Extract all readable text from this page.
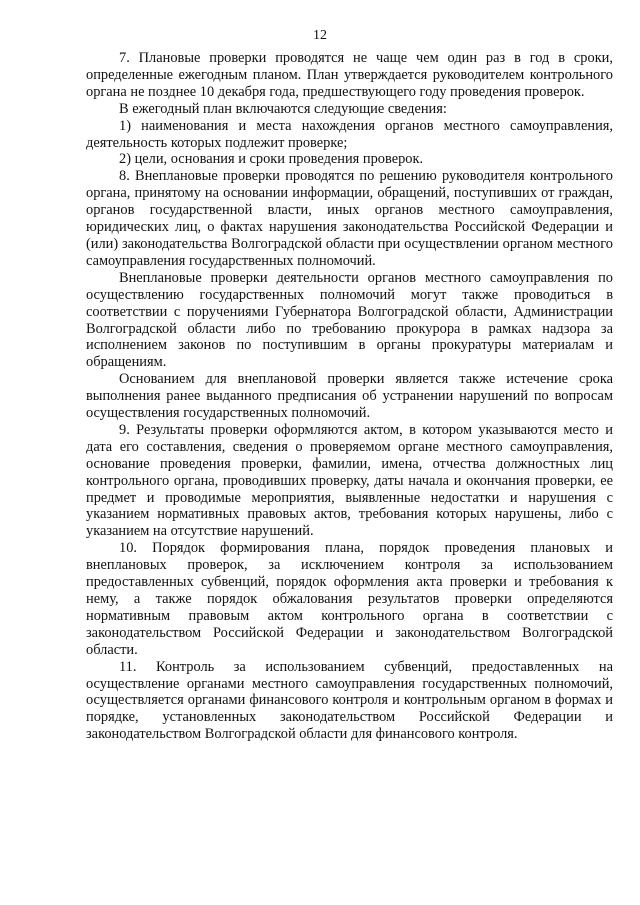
12

7. Плановые проверки проводятся не чаще чем один раз в год в сроки, определенные ежегодным планом. План утверждается руководителем контрольного органа не позднее 10 декабря года, предшествующего году проведения проверок.

В ежегодный план включаются следующие сведения:

1) наименования и места нахождения органов местного самоуправления, деятельность которых подлежит проверке;

2) цели, основания и сроки проведения проверок.

8. Внеплановые проверки проводятся по решению руководителя контрольного органа, принятому на основании информации, обращений, поступивших от граждан, органов государственной власти, иных органов местного самоуправления, юридических лиц, о фактах нарушения законодательства Российской Федерации и (или) законодательства Волгоградской области при осуществлении органом местного самоуправления государственных полномочий.

Внеплановые проверки деятельности органов местного самоуправления по осуществлению государственных полномочий могут также проводиться в соответствии с поручениями Губернатора Волгоградской области, Администрации Волгоградской области либо по требованию прокурора в рамках надзора за исполнением законов по поступившим в органы прокуратуры материалам и обращениям.

Основанием для внеплановой проверки является также истечение срока выполнения ранее выданного предписания об устранении нарушений по вопросам осуществления государственных полномочий.

9. Результаты проверки оформляются актом, в котором указываются место и дата его составления, сведения о проверяемом органе местного самоуправления, основание проведения проверки, фамилии, имена, отчества должностных лиц контрольного органа, проводивших проверку, даты начала и окончания проверки, ее предмет и проводимые мероприятия, выявленные недостатки и нарушения с указанием нормативных правовых актов, требования которых нарушены, либо с указанием на отсутствие нарушений.

10. Порядок формирования плана, порядок проведения плановых и внеплановых проверок, за исключением контроля за использованием предоставленных субвенций, порядок оформления акта проверки и требования к нему, а также порядок обжалования результатов проверки определяются нормативным правовым актом контрольного органа в соответствии с законодательством Российской Федерации и законодательством Волгоградской области.

11. Контроль за использованием субвенций, предоставленных на осуществление органами местного самоуправления государственных полномочий, осуществляется органами финансового контроля и контрольным органом в формах и порядке, установленных законодательством Российской Федерации и законодательством Волгоградской области для финансового контроля.
